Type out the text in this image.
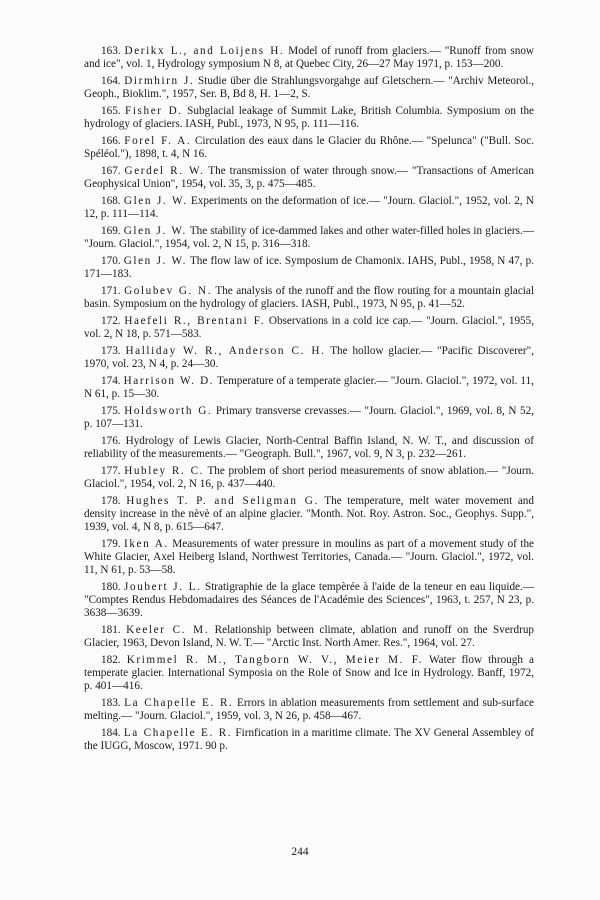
163. Derikx L., and Loijens H. Model of runoff from glaciers.— "Runoff from snow and ice", vol. 1, Hydrology symposium N 8, at Quebec City, 26—27 May 1971, p. 153—200.

164. Dirmhirn J. Studie über die Strahlungsvorgahge auf Gletschern.— "Archiv Meteorol., Geoph., Bioklim.", 1957, Ser. B, Bd 8, H. 1—2, S.

165. Fisher D. Subglacial leakage of Summit Lake, British Columbia. Symposium on the hydrology of glaciers. IASH, Publ., 1973, N 95, p. 111—116.

166. Forel F. A. Circulation des eaux dans le Glacier du Rhône.— "Spelunca" ("Bull. Soc. Spéléol."), 1898, t. 4, N 16.

167. Gerdel R. W. The transmission of water through snow.— "Transactions of American Geophysical Union", 1954, vol. 35, 3, p. 475—485.

168. Glen J. W. Experiments on the deformation of ice.— "Journ. Glaciol.", 1952, vol. 2, N 12, p. 111—114.

169. Glen J. W. The stability of ice-dammed lakes and other water-filled holes in glaciers.— "Journ. Glaciol.", 1954, vol. 2, N 15, p. 316—318.

170. Glen J. W. The flow law of ice. Symposium de Chamonix. IAHS, Publ., 1958, N 47, p. 171—183.

171. Golubev G. N. The analysis of the runoff and the flow routing for a mountain glacial basin. Symposium on the hydrology of glaciers. IASH, Publ., 1973, N 95, p. 41—52.

172. Haefeli R., Brentani F. Observations in a cold ice cap.— "Journ. Glaciol.", 1955, vol. 2, N 18, p. 571—583.

173. Halliday W. R., Anderson C. H. The hollow glacier.— "Pacific Discoverer", 1970, vol. 23, N 4, p. 24—30.

174. Harrison W. D. Temperature of a temperate glacier.— "Journ. Glaciol.", 1972, vol. 11, N 61, p. 15—30.

175. Holdsworth G. Primary transverse crevasses.— "Journ. Glaciol.", 1969, vol. 8, N 52, p. 107—131.

176. Hydrology of Lewis Glacier, North-Central Baffin Island, N. W. T., and discussion of reliability of the measurements.— "Geograph. Bull.", 1967, vol. 9, N 3, p. 232—261.

177. Hubley R. C. The problem of short period measurements of snow ablation.— "Journ. Glaciol.", 1954, vol. 2, N 16, p. 437—440.

178. Hughes T. P. and Seligman G. The temperature, melt water movement and density increase in the nèvè of an alpine glacier. "Month. Not. Roy. Astron. Soc., Geophys. Supp.", 1939, vol. 4, N 8, p. 615—647.

179. Iken A. Measurements of water pressure in moulins as part of a movement study of the White Glacier, Axel Heiberg Island, Northwest Territories, Canada.— "Journ. Glaciol.", 1972, vol. 11, N 61, p. 53—58.

180. Joubert J. L. Stratigraphie de la glace tempèrée à l'aide de la teneur en eau liquide.— "Comptes Rendus Hebdomadaires des Séances de l'Académie des Sciences", 1963, t. 257, N 23, p. 3638—3639.

181. Keeler C. M. Relationship between climate, ablation and runoff on the Sverdrup Glacier, 1963, Devon Island, N. W. T.— "Arctic Inst. North Amer. Res.", 1964, vol. 27.

182. Krimmel R. M., Tangborn W. V., Meier M. F. Water flow through a temperate glacier. International Symposia on the Role of Snow and Ice in Hydrology. Banff, 1972, p. 401—416.

183. La Chapelle E. R. Errors in ablation measurements from settlement and sub-surface melting.— "Journ. Glaciol.", 1959, vol. 3, N 26, p. 458—467.

184. La Chapelle E. R. Firnfication in a maritime climate. The XV General Assembley of the IUGG, Moscow, 1971. 90 p.

244
